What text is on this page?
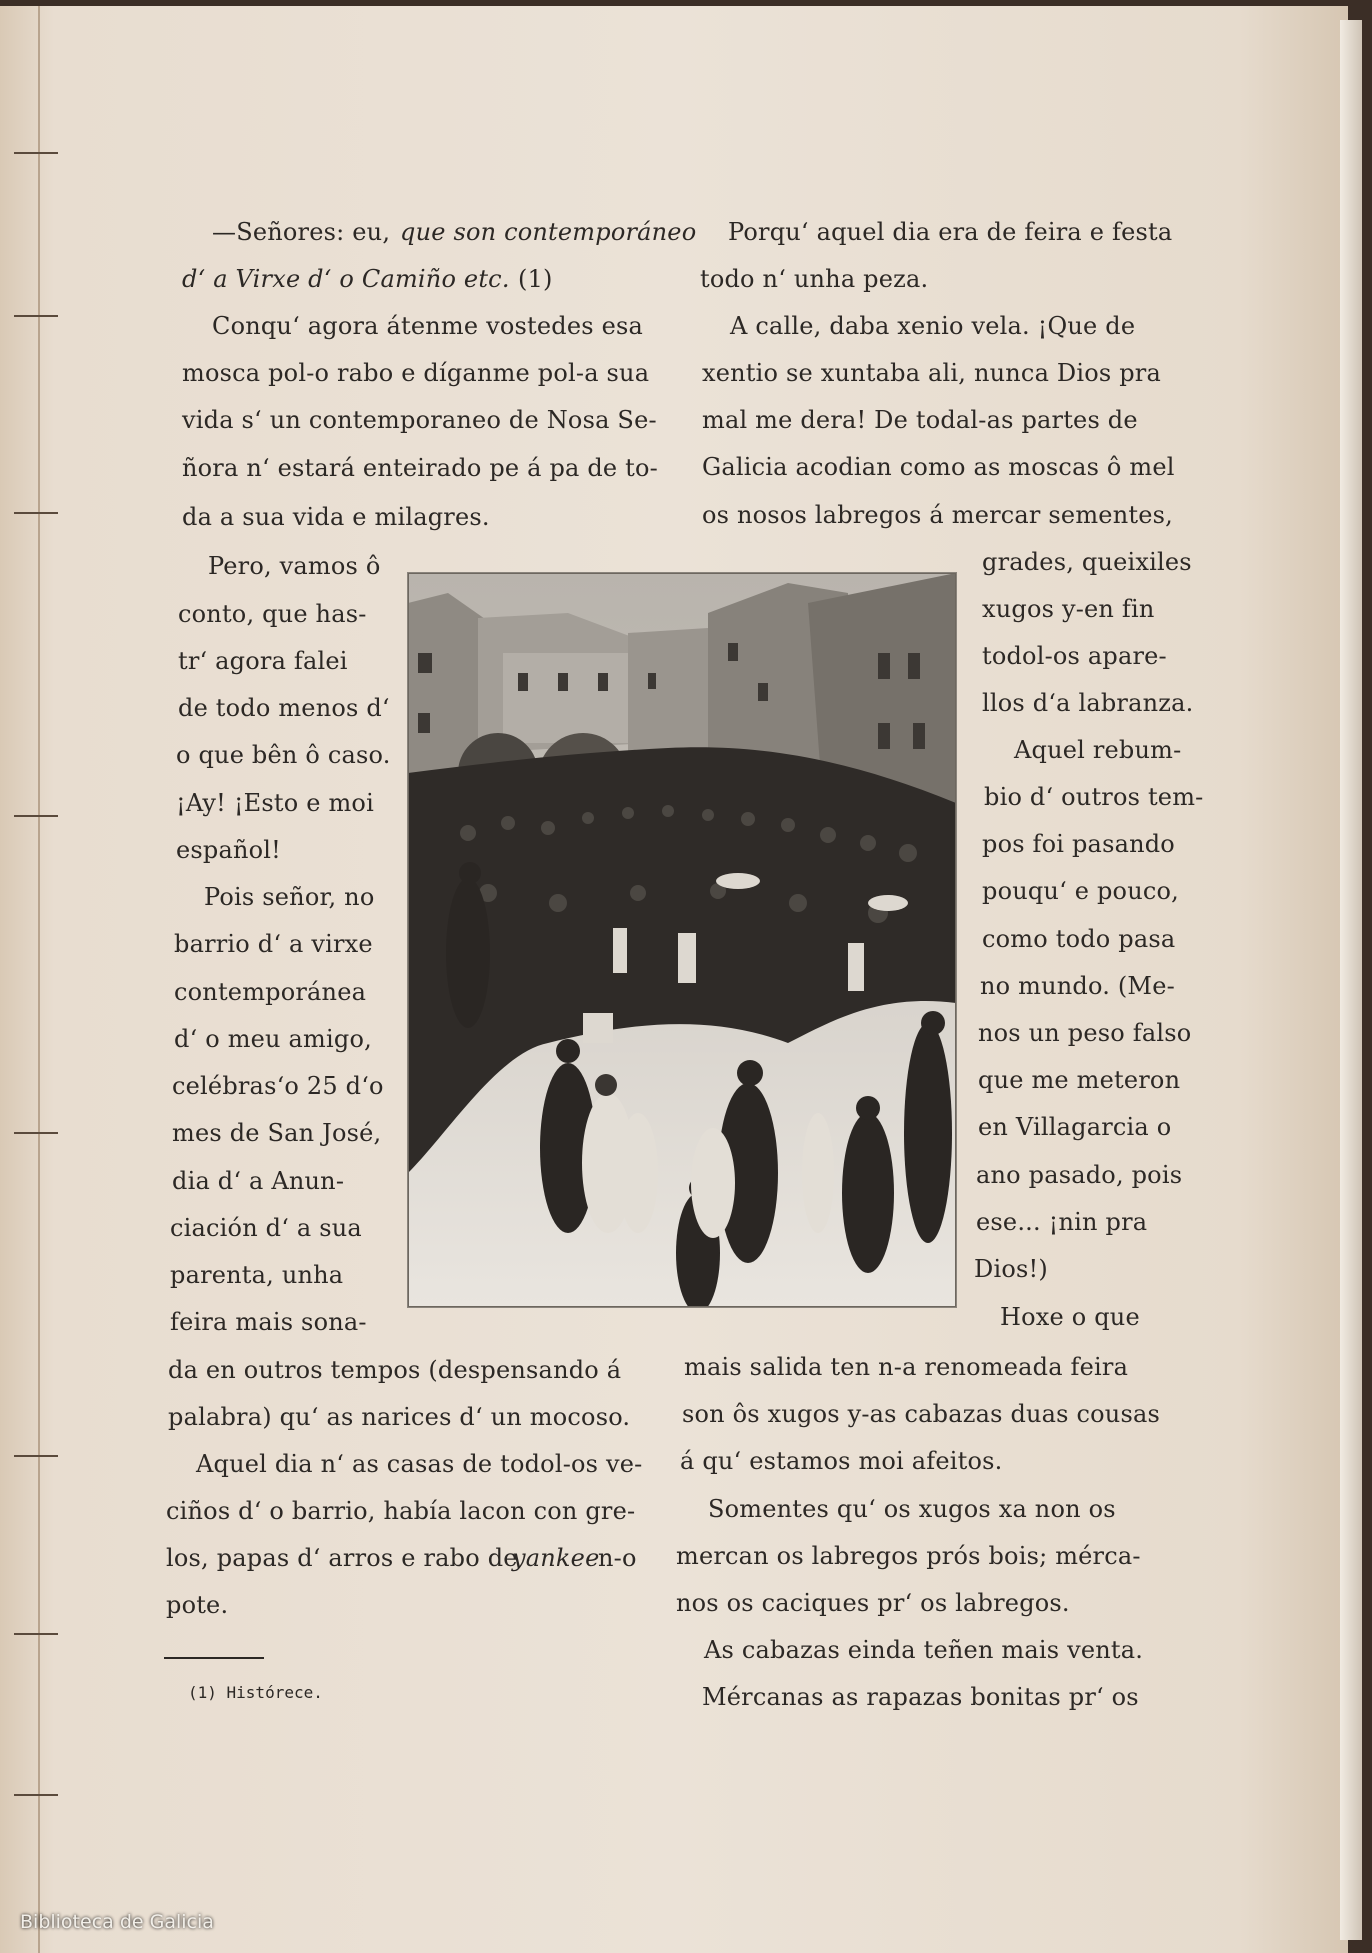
—Señores: eu, que son contemporáneo
d‘ a Virxe d‘ o Camiño etc. (1)
Conqu‘ agora átenme vostedes esa
mosca pol-o rabo e díganme pol-a sua
vida s‘ un contemporaneo de Nosa Se-
ñora n‘ estará enteirado pe á pa de to-
da a sua vida e milagres.
Pero, vamos ô
conto, que has-
tr‘ agora falei
de todo menos d‘
o que bên ô caso.
¡Ay! ¡Esto e moi
español!
Pois señor, no
barrio d‘ a virxe
contemporánea
d‘ o meu amigo,
celébras‘o 25 d‘o
mes de San José,
dia d‘ a Anun-
ciación d‘ a sua
parenta, unha
feira mais sona-
da en outros tempos (despensando á
palabra) qu‘ as narices d‘ un mocoso.
Aquel dia n‘ as casas de todol-os ve-
ciños d‘ o barrio, había lacon con gre-
los, papas d‘ arros e rabo de
yankee
n-o
pote.
(1) Histórece.
Porqu‘ aquel dia era de feira e festa
todo n‘ unha peza.
A calle, daba xenio vela. ¡Que de
xentio se xuntaba ali, nunca Dios pra
mal me dera! De todal-as partes de
Galicia acodian como as moscas ô mel
os nosos labregos á mercar sementes,
grades, queixiles
xugos y-en fin
todol-os apare-
llos d‘a labranza.
Aquel rebum-
bio d‘ outros tem-
pos foi pasando
pouqu‘ e pouco,
como todo pasa
no mundo. (Me-
nos un peso falso
que me meteron
en Villagarcia o
ano pasado, pois
ese... ¡nin pra
Dios!)
Hoxe o que
mais salida ten n-a renomeada feira
son ôs xugos y-as cabazas duas cousas
á qu‘ estamos moi afeitos.
Somentes qu‘ os xugos xa non os
mercan os labregos prós bois; mérca-
nos os caciques pr‘ os labregos.
As cabazas einda teñen mais venta.
Mércanas as rapazas bonitas pr‘ os
Biblioteca de Galicia
